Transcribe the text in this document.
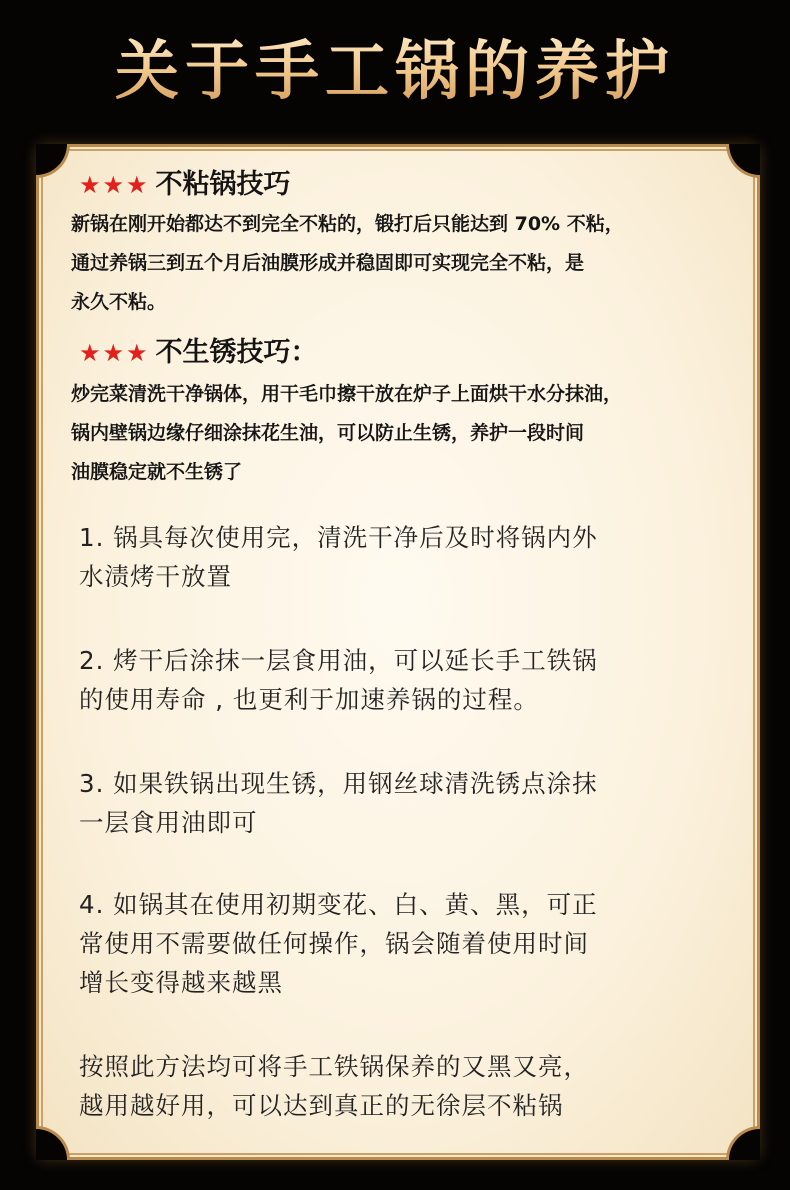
关于手工锅的养护
★★★ 不粘锅技巧
新锅在刚开始都达不到完全不粘的，锻打后只能达到 70% 不粘，
通过养锅三到五个月后油膜形成并稳固即可实现完全不粘，是
永久不粘。
★★★ 不生锈技巧：
炒完菜清洗干净锅体，用干毛巾擦干放在炉子上面烘干水分抹油，
锅内壁锅边缘仔细涂抹花生油，可以防止生锈，养护一段时间
油膜稳定就不生锈了
1. 锅具每次使用完，清洗干净后及时将锅内外
水渍烤干放置
2. 烤干后涂抹一层食用油，可以延长手工铁锅
的使用寿命 , 也更利于加速养锅的过程。
3. 如果铁锅出现生锈，用钢丝球清洗锈点涂抹
一层食用油即可
4. 如锅其在使用初期变花、白、黄、黑，可正
常使用不需要做任何操作，锅会随着使用时间
增长变得越来越黑
按照此方法均可将手工铁锅保养的又黑又亮，
越用越好用，可以达到真正的无徐层不粘锅
